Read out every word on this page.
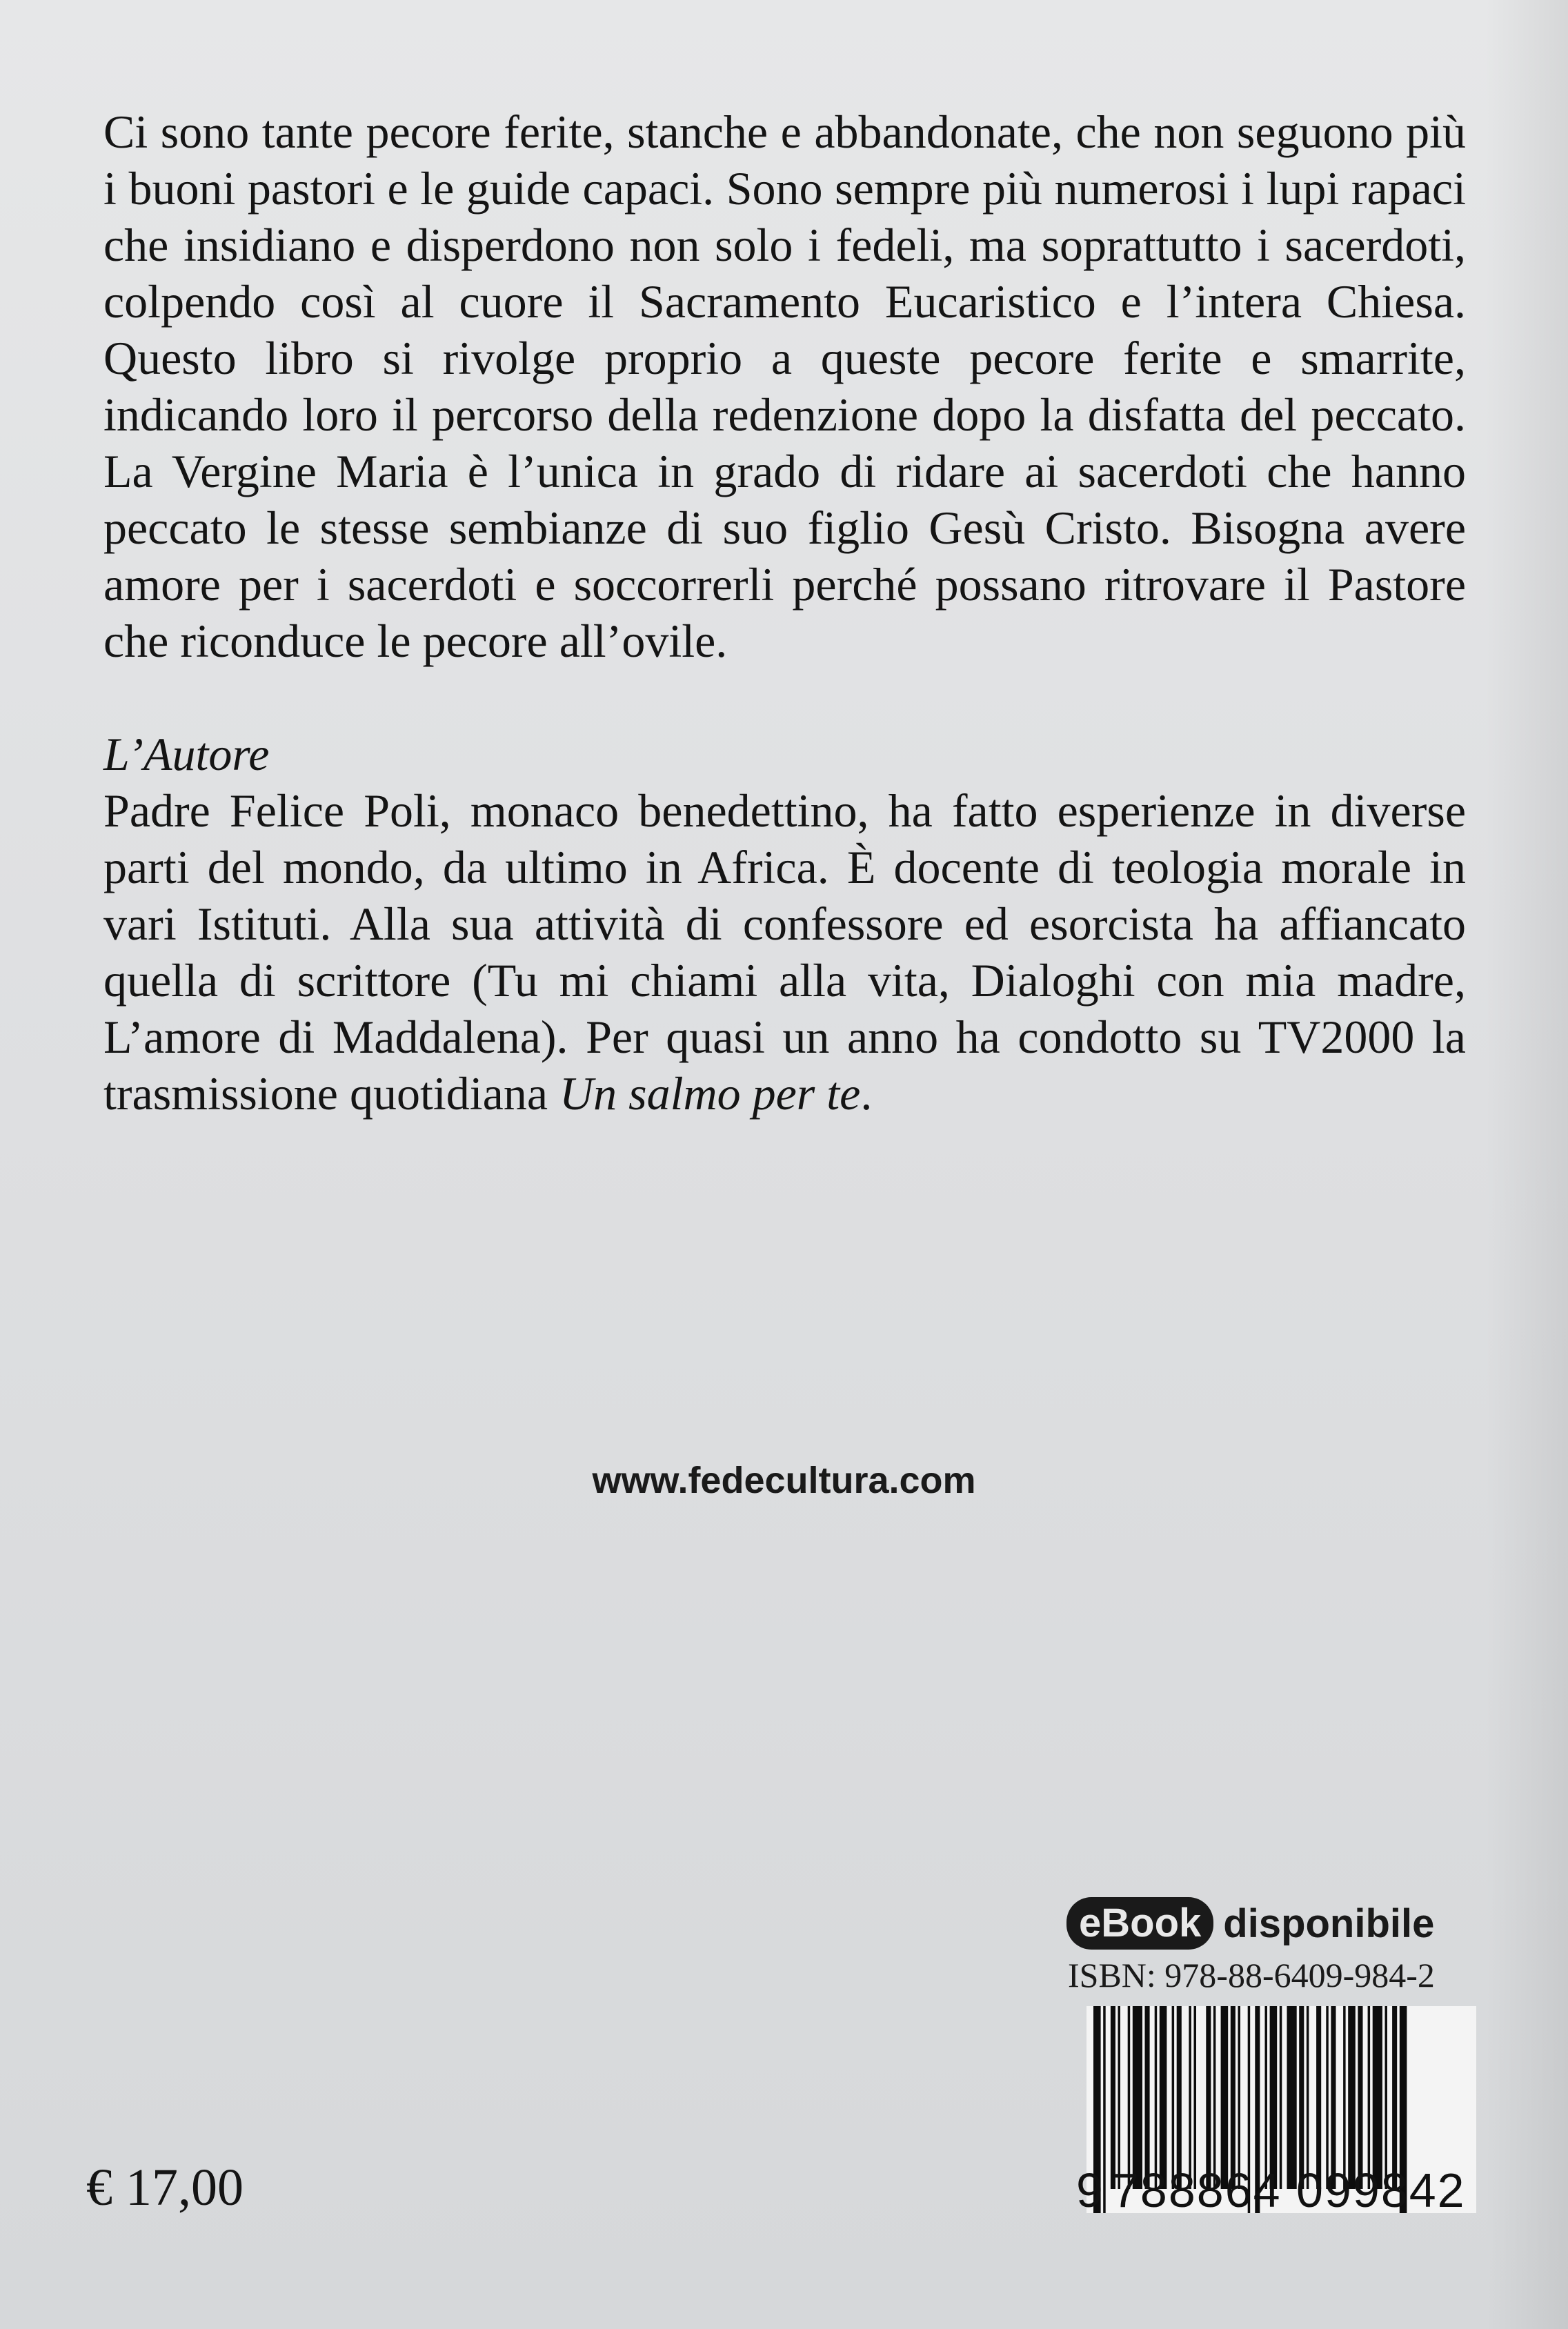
Ci sono tante pecore ferite, stanche e abbandonate, che non seguono più i buoni pastori e le guide capaci. Sono sempre più numerosi i lupi rapaci che insidiano e disperdono non solo i fedeli, ma soprattutto i sacerdoti, colpendo così al cuore il Sacramento Eucaristico e l’intera Chiesa. Questo libro si rivolge proprio a queste pecore ferite e smarrite, indicando loro il percorso della redenzione dopo la disfatta del peccato. La Vergine Maria è l’unica in grado di ridare ai sacerdoti che hanno peccato le stesse sembianze di suo figlio Gesù Cristo. Bisogna avere amore per i sacerdoti e soccorrerli perché possano ritrovare il Pastore che riconduce le pecore all’ovile.

L’Autore

Padre Felice Poli, monaco benedettino, ha fatto esperienze in diverse parti del mondo, da ultimo in Africa. È docente di teologia morale in vari Istituti. Alla sua attività di confessore ed esorcista ha affiancato quella di scrittore (Tu mi chiami alla vita, Dialoghi con mia madre, L’amore di Maddalena). Per quasi un anno ha condotto su TV2000 la trasmissione quotidiana Un salmo per te.

www.fedecultura.com
eBook disponibile
ISBN: 978-88-6409-984-2
9 788864 099842
€ 17,00
